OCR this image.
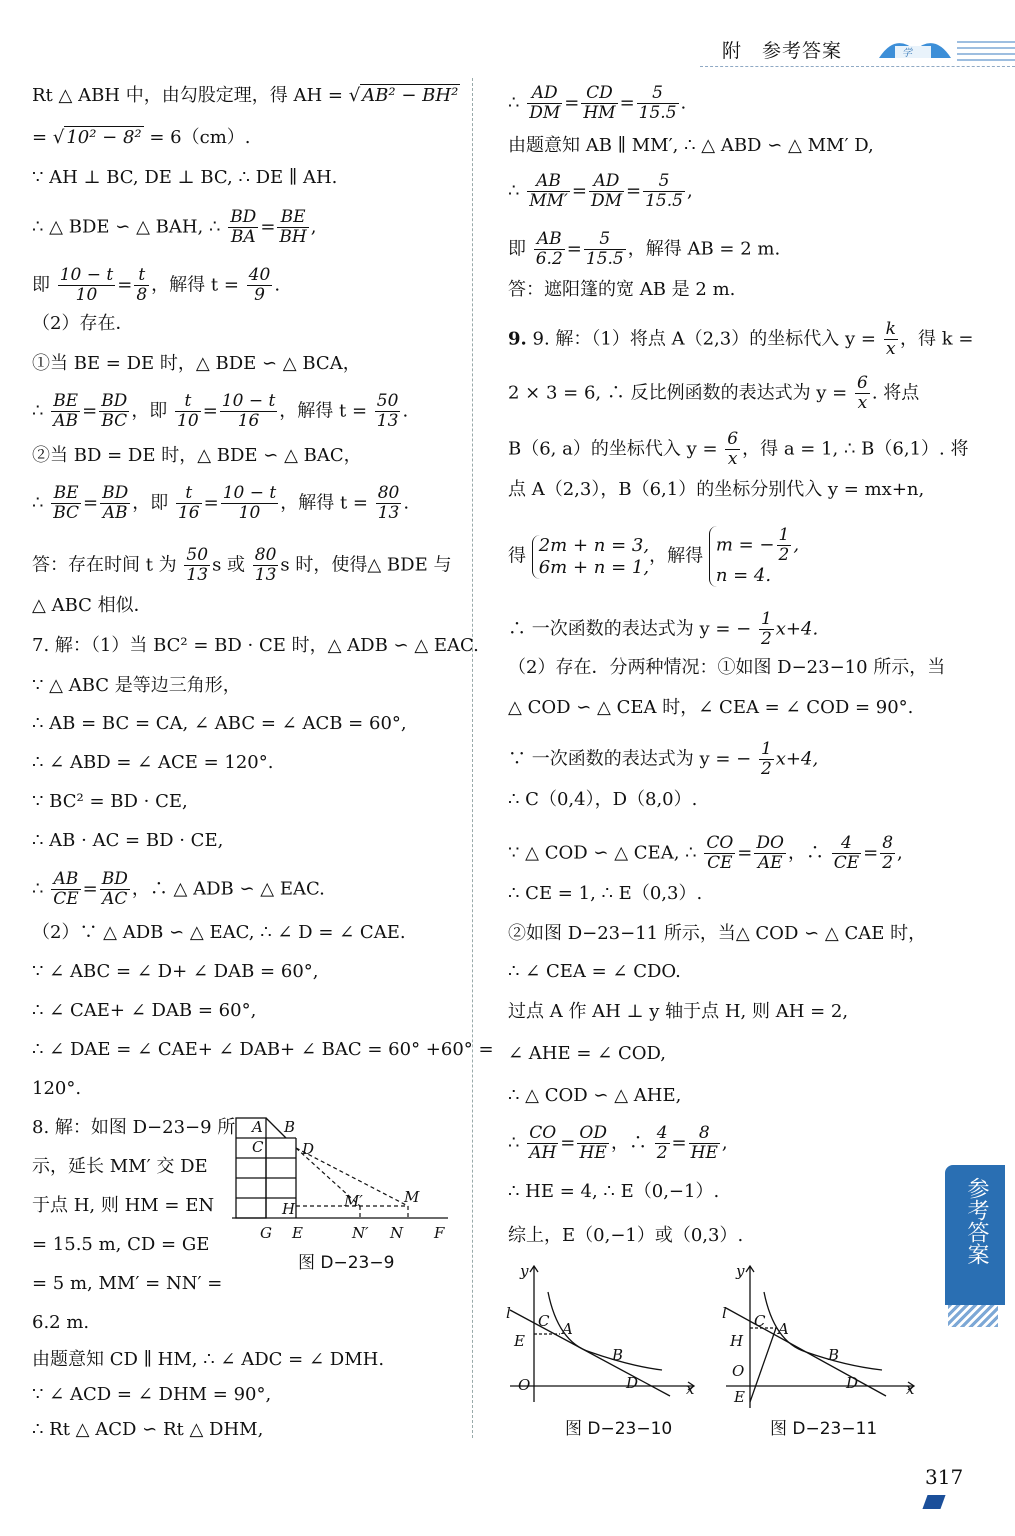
附　参考答案	学
Rt △ ABH 中，由勾股定理，得 AH = √ AB² − BH²
= √ 10² − 8² = 6（cm）.
∵ AH ⊥ BC, DE ⊥ BC, ∴ DE ∥ AH.
∴ △ BDE ∽ △ BAH, ∴ $\frac{BD}{BA} = \frac{BE}{BH}$ ,
即 $\frac{10 - t}{10} = \frac{t}{8}$ ，解得 $t = \frac{40}{9}$ .
（2）存在．
①当 BE = DE 时，△ BDE ∽ △ BCA，
∴ $\frac{BE}{AB} = \frac{BD}{BC}$ ，即 $\frac{t}{10} = \frac{10 - t}{16}$ ，解得 $t = \frac{50}{13}$ .
②当 BD = DE 时，△ BDE ∽ △ BAC，
∴ $\frac{BE}{BC} = \frac{BD}{AB}$ ，即 $\frac{t}{16} = \frac{10 - t}{10}$ ，解得 $t = \frac{80}{13}$ .
答：存在时间 t 为 $\frac{50}{13}$ s 或 $\frac{80}{13}$ s 时，使得△ BDE 与
△ ABC 相似．
7. 解：（1）当 BC² = BD · CE 时，△ ADB ∽ △ EAC.
∵ △ ABC 是等边三角形，
∴ AB = BC = CA, ∠ ABC = ∠ ACB = 60°,
∴ ∠ ABD = ∠ ACE = 120°.
∵ BC² = BD · CE,
∴ AB · AC = BD · CE,
∴ $\frac{AB}{CE} = \frac{BD}{AC}$ ，∴ △ ADB ∽ △ EAC.
（2）∵ △ ADB ∽ △ EAC, ∴ ∠ D = ∠ CAE.
∵ ∠ ABC = ∠ D+ ∠ DAB = 60°,
∴ ∠ CAE+ ∠ DAB = 60°,
∴ ∠ DAE = ∠ CAE+ ∠ DAB+ ∠ BAC = 60° +60° =
120°.
8. 解：如图 D−23−9 所
示，延长 MM′ 交 DE
于点 H, 则 HM = EN
= 15.5 m, CD = GE
= 5 m, MM′ = NN′ =
6.2 m.
由题意知 CD ∥ HM, ∴ ∠ ADC = ∠ DMH.
∵ ∠ ACD = ∠ DHM = 90°,
∴ Rt △ ACD ∽ Rt △ DHM,
A B
C	D
H	M′	M
G E	N′ N F
图 D−23−9
∴ $\frac{AD}{DM} = \frac{CD}{HM} = \frac{5}{15.5}$ .
由题意知 AB ∥ MM′, ∴ △ ABD ∽ △ MM′ D,
∴ $\frac{AB}{MM'} = \frac{AD}{DM} = \frac{5}{15.5}$ ,
即 $\frac{AB}{6.2} = \frac{5}{15.5}$ ，解得 AB = 2 m.
答：遮阳篷的宽 AB 是 2 m.
9. 9. 解：（1）将点 A（2,3）的坐标代入 $y = \frac{k}{x}$ ，得 k =
2 × 3 = 6, ∴ 反比例函数的表达式为 $y = \frac{6}{x}$ . 将点
B（6, a）的坐标代入 $y = \frac{6}{x}$ ，得 a = 1, ∴ B（6,1）. 将
点 A（2,3），B（6,1）的坐标分别代入 y = mx+n,
得 2m + n = 3,
6m + n = 1,，解得 m = − $\frac{1}{2}$ ,
n = 4.
∴ 一次函数的表达式为 y = − $\frac{1}{2} x+4$.
（2）存在．分两种情况：①如图 D−23−10 所示，当
△ COD ∽ △ CEA 时，∠ CEA = ∠ COD = 90°.
∵ 一次函数的表达式为 y = − $\frac{1}{2} x+4$,
∴ C（0,4），D（8,0）.
∵ △ COD ∽ △ CEA, ∴ $\frac{CO}{CE} = \frac{DO}{AE}$ ，∴ $\frac{4}{CE} = \frac{8}{2}$ ,
∴ CE = 1, ∴ E（0,3）.
②如图 D−23−11 所示，当△ COD ∽ △ CAE 时，
∴ ∠ CEA = ∠ CDO.
过点 A 作 AH ⊥ y 轴于点 H, 则 AH = 2,
∠ AHE = ∠ COD,
∴ △ COD ∽ △ AHE,
∴ $\frac{CO}{AH} = \frac{OD}{HE}$ ，∴ $\frac{4}{2} = \frac{8}{HE}$ ,
∴ HE = 4, ∴ E（0,−1）.
综上，E（0,−1）或（0,3）.
y
l C A
E
B
O	D	x
图 D−23−10
y
l C A
H
O
E
B
D	x
图 D−23−11
参考答案
317
